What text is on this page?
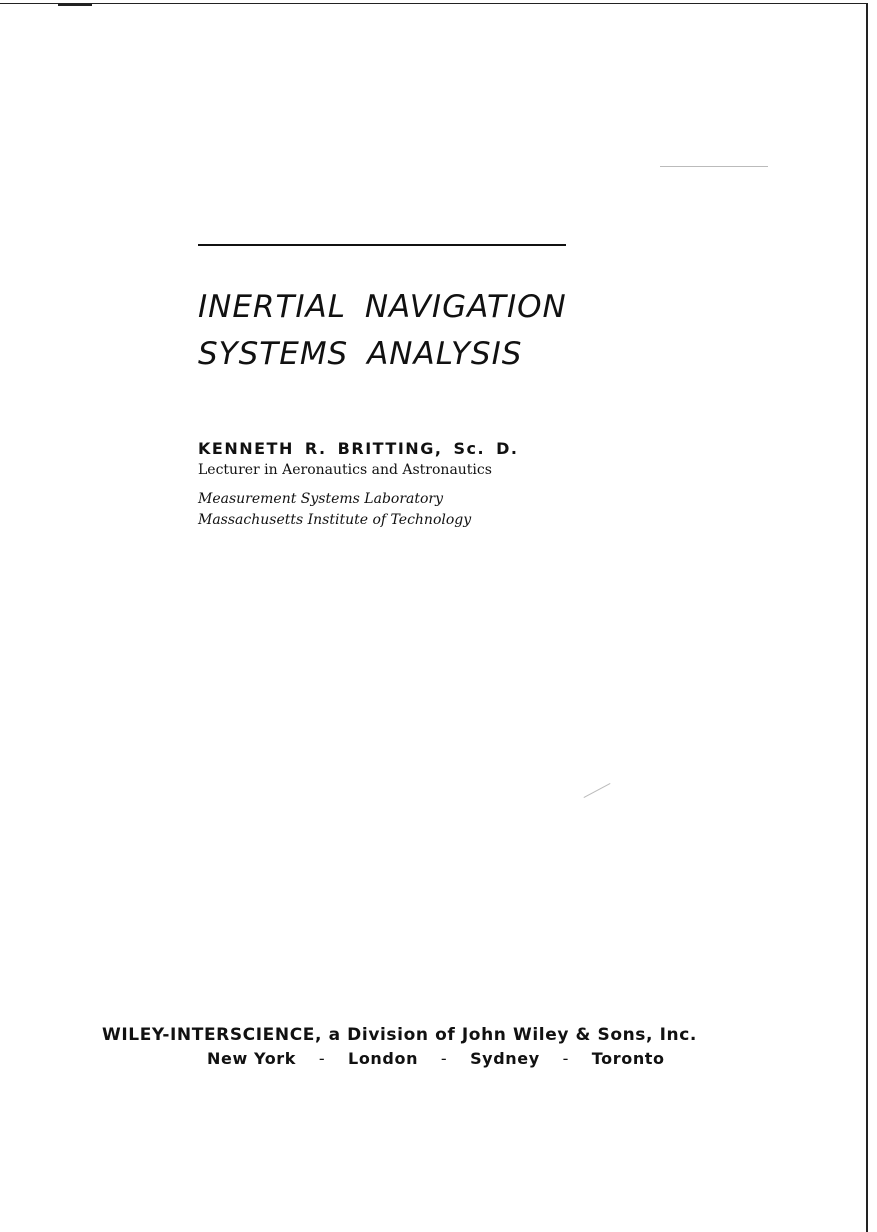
INERTIAL NAVIGATION
SYSTEMS ANALYSIS
KENNETH R. BRITTING, Sc. D.
Lecturer in Aeronautics and Astronautics
Measurement Systems Laboratory
Massachusetts Institute of Technology
WILEY-INTERSCIENCE, a Division of John Wiley & Sons, Inc.
New York	-	London	-	Sydney	-	Toronto
